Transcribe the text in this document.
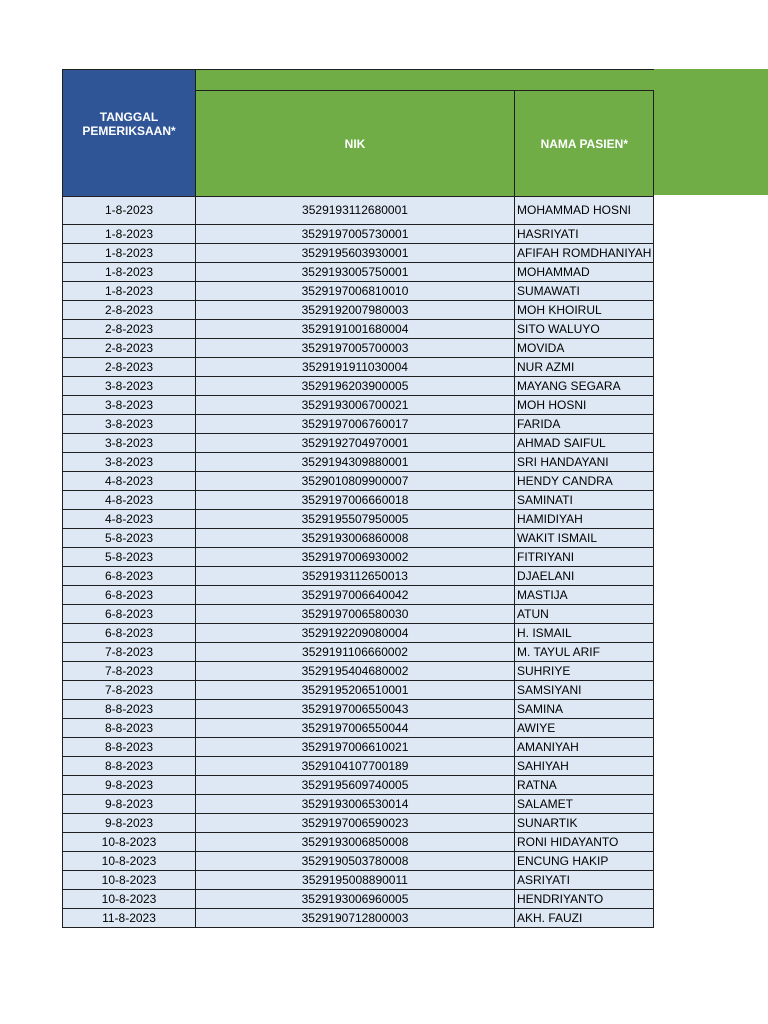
TANGGAL
PEMERIKSAAN*		

	NIK	NAMA PASIEN*
1-8-2023	3529193112680001	MOHAMMAD HOSNI
1-8-2023	3529197005730001	HASRIYATI
1-8-2023	3529195603930001	AFIFAH ROMDHANIYAH
1-8-2023	3529193005750001	MOHAMMAD
1-8-2023	3529197006810010	SUMAWATI
2-8-2023	3529192007980003	MOH KHOIRUL
2-8-2023	3529191001680004	SITO WALUYO
2-8-2023	3529197005700003	MOVIDA
2-8-2023	3529191911030004	NUR AZMI
3-8-2023	3529196203900005	MAYANG SEGARA
3-8-2023	3529193006700021	MOH HOSNI
3-8-2023	3529197006760017	FARIDA
3-8-2023	3529192704970001	AHMAD SAIFUL
3-8-2023	3529194309880001	SRI HANDAYANI
4-8-2023	3529010809900007	HENDY CANDRA
4-8-2023	3529197006660018	SAMINATI
4-8-2023	3529195507950005	HAMIDIYAH
5-8-2023	3529193006860008	WAKIT ISMAIL
5-8-2023	3529197006930002	FITRIYANI
6-8-2023	3529193112650013	DJAELANI
6-8-2023	3529197006640042	MASTIJA
6-8-2023	3529197006580030	ATUN
6-8-2023	3529192209080004	H. ISMAIL
7-8-2023	3529191106660002	M. TAYUL ARIF
7-8-2023	3529195404680002	SUHRIYE
7-8-2023	3529195206510001	SAMSIYANI
8-8-2023	3529197006550043	SAMINA
8-8-2023	3529197006550044	AWIYE
8-8-2023	3529197006610021	AMANIYAH
8-8-2023	3529104107700189	SAHIYAH
9-8-2023	3529195609740005	RATNA
9-8-2023	3529193006530014	SALAMET
9-8-2023	3529197006590023	SUNARTIK
10-8-2023	3529193006850008	RONI HIDAYANTO
10-8-2023	3529190503780008	ENCUNG HAKIP
10-8-2023	3529195008890011	ASRIYATI
10-8-2023	3529193006960005	HENDRIYANTO
11-8-2023	3529190712800003	AKH. FAUZI
